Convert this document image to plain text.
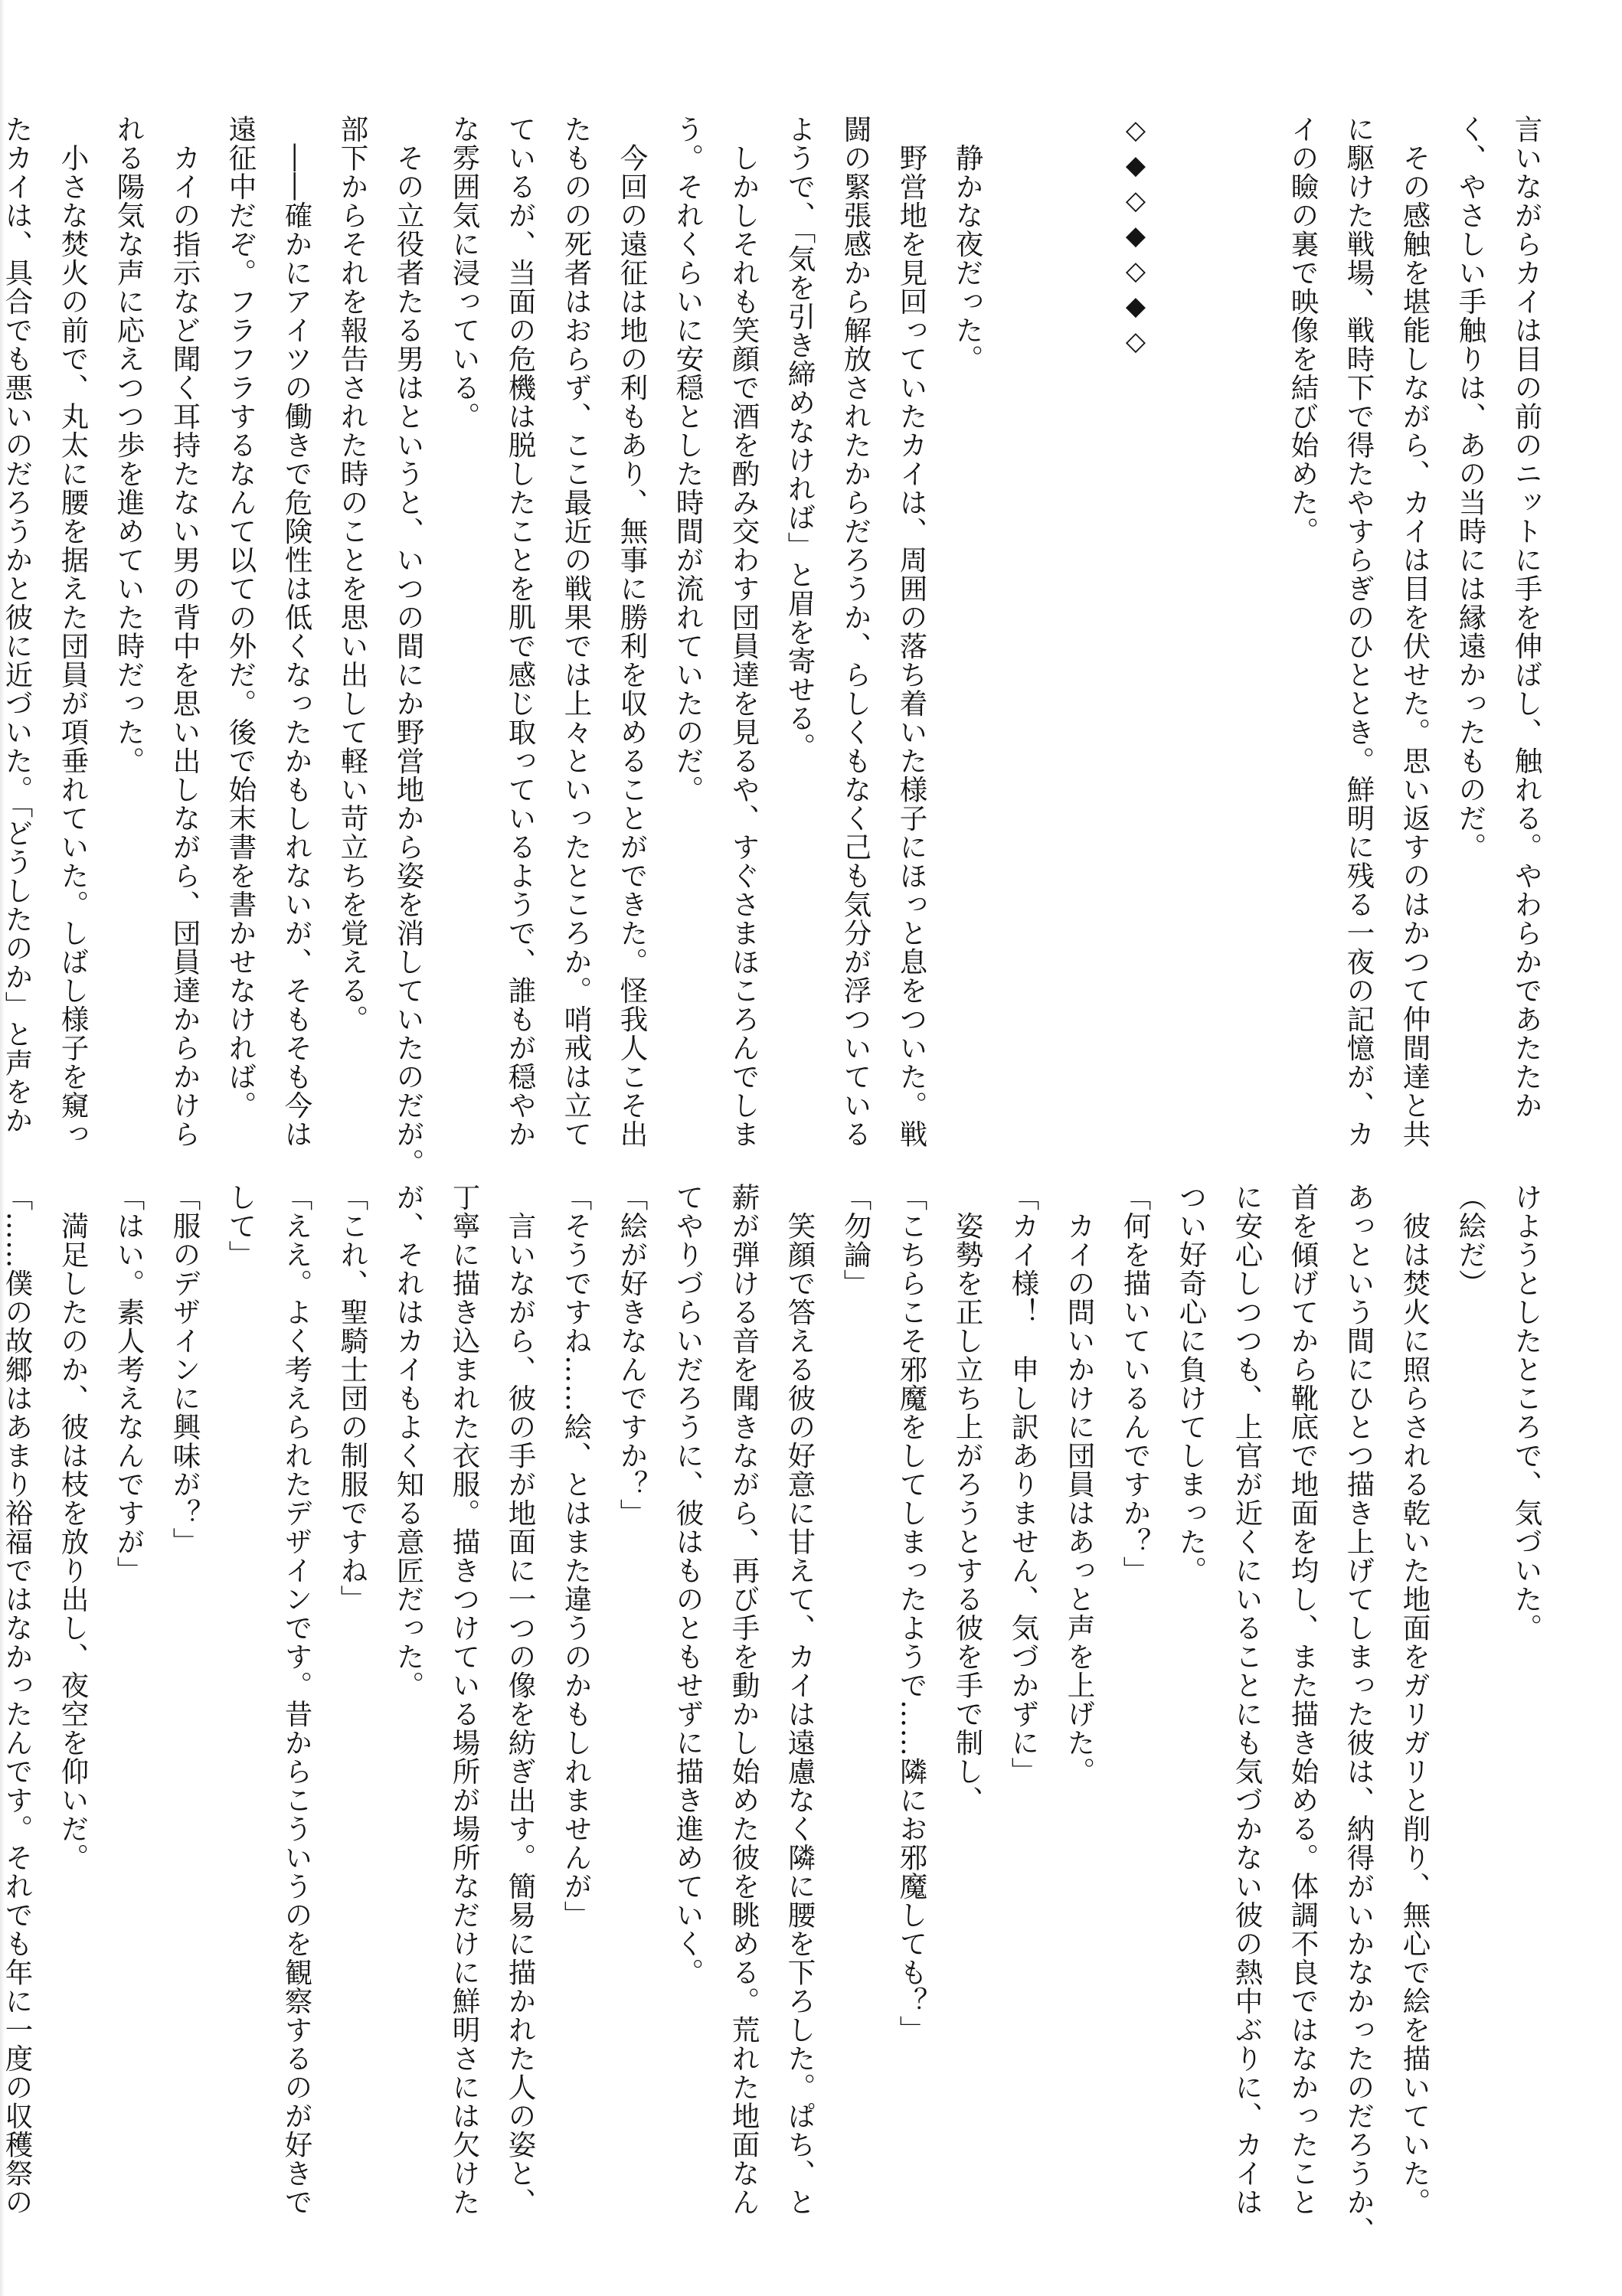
言いながらカイは目の前のニットに手を伸ばし、触れる。やわらかであたたか

く、やさしい手触りは、あの当時には縁遠かったものだ。

　その感触を堪能しながら、カイは目を伏せた。思い返すのはかつて仲間達と共

に駆けた戦場、戦時下で得たやすらぎのひととき。鮮明に残る一夜の記憶が、カ

イの瞼の裏で映像を結び始めた。

◇◆◇◆◇◆◇

　静かな夜だった。

　野営地を見回っていたカイは、周囲の落ち着いた様子にほっと息をついた。戦

闘の緊張感から解放されたからだろうか、らしくもなく己も気分が浮ついている

ようで、「気を引き締めなければ」と眉を寄せる。

　しかしそれも笑顔で酒を酌み交わす団員達を見るや、すぐさまほころんでしま

う。それくらいに安穏とした時間が流れていたのだ。

　今回の遠征は地の利もあり、無事に勝利を収めることができた。怪我人こそ出

たものの死者はおらず、ここ最近の戦果では上々といったところか。哨戒は立て

ているが、当面の危機は脱したことを肌で感じ取っているようで、誰もが穏やか

な雰囲気に浸っている。

　その立役者たる男はというと、いつの間にか野営地から姿を消していたのだが。

部下からそれを報告された時のことを思い出して軽い苛立ちを覚える。

　――確かにアイツの働きで危険性は低くなったかもしれないが、そもそも今は

遠征中だぞ。フラフラするなんて以ての外だ。後で始末書を書かせなければ。

　カイの指示など聞く耳持たない男の背中を思い出しながら、団員達からかけら

れる陽気な声に応えつつ歩を進めていた時だった。

　小さな焚火の前で、丸太に腰を据えた団員が項垂れていた。しばし様子を窺っ

たカイは、具合でも悪いのだろうかと彼に近づいた。「どうしたのか」と声をか

けようとしたところで、気づいた。

（絵だ）

　彼は焚火に照らされる乾いた地面をガリガリと削り、無心で絵を描いていた。

あっという間にひとつ描き上げてしまった彼は、納得がいかなかったのだろうか、

首を傾げてから靴底で地面を均し、また描き始める。体調不良ではなかったこと

に安心しつつも、上官が近くにいることにも気づかない彼の熱中ぶりに、カイは

つい好奇心に負けてしまった。

「何を描いているんですか？」

　カイの問いかけに団員はあっと声を上げた。

「カイ様！　申し訳ありません、気づかずに」

　姿勢を正し立ち上がろうとする彼を手で制し、

「こちらこそ邪魔をしてしまったようで……隣にお邪魔しても？」

「勿論」

　笑顔で答える彼の好意に甘えて、カイは遠慮なく隣に腰を下ろした。ぱち、と

薪が弾ける音を聞きながら、再び手を動かし始めた彼を眺める。荒れた地面なん

てやりづらいだろうに、彼はものともせずに描き進めていく。

「絵が好きなんですか？」

「そうですね……絵、とはまた違うのかもしれませんが」

　言いながら、彼の手が地面に一つの像を紡ぎ出す。簡易に描かれた人の姿と、

丁寧に描き込まれた衣服。描きつけている場所が場所なだけに鮮明さには欠けた

が、それはカイもよく知る意匠だった。

「これ、聖騎士団の制服ですね」

「ええ。よく考えられたデザインです。昔からこういうのを観察するのが好きで

して」

「服のデザインに興味が？」

「はい。素人考えなんですが」

　満足したのか、彼は枝を放り出し、夜空を仰いだ。

「……僕の故郷はあまり裕福ではなかったんです。それでも年に一度の収穫祭の
